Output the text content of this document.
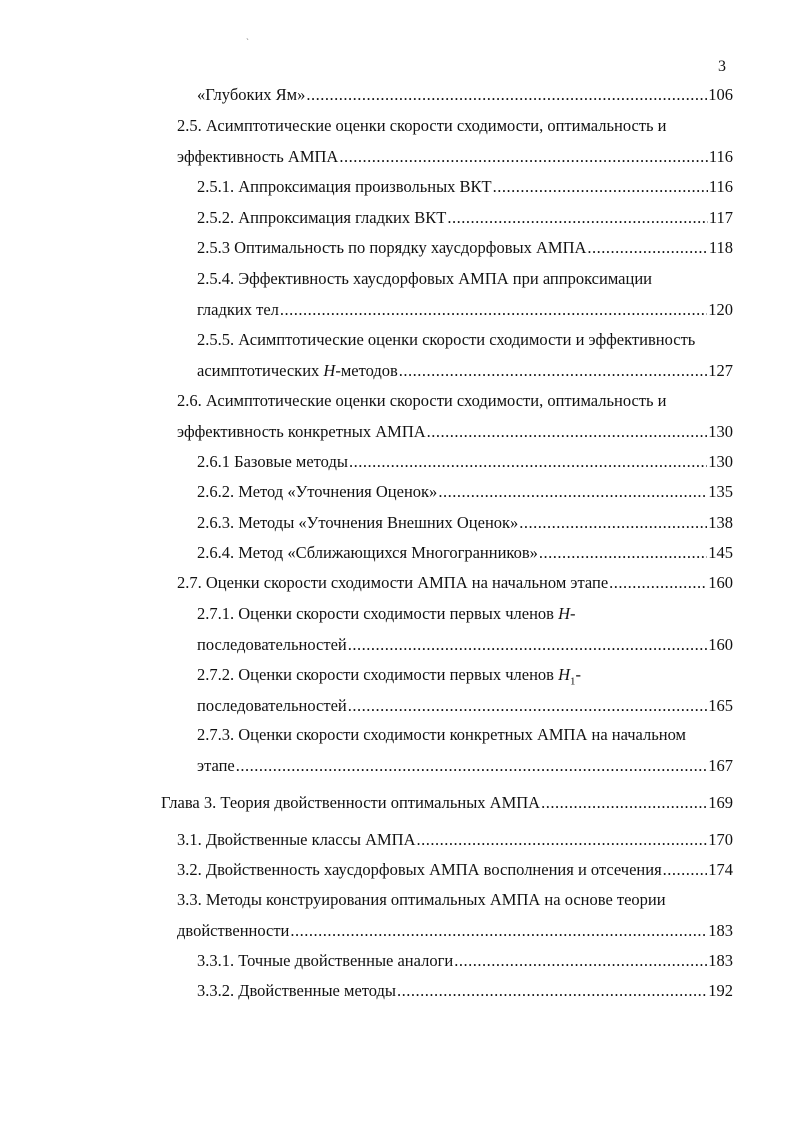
ˎ
3
«Глубоких Ям» .....	106
2.5. Асимптотические оценки скорости сходимости, оптимальность и
эффективность АМПА .....	116
2.5.1. Аппроксимация произвольных ВКТ .....	116
2.5.2. Аппроксимация гладких ВКТ .....	117
2.5.3 Оптимальность по порядку хаусдорфовых АМПА .....	118
2.5.4. Эффективность хаусдорфовых АМПА при аппроксимации
гладких тел .....	120
2.5.5. Асимптотические оценки скорости сходимости и эффективность
асимптотических H-методов .....	127
2.6. Асимптотические оценки скорости сходимости, оптимальность и
эффективность конкретных АМПА .....	130
2.6.1 Базовые методы .....	130
2.6.2. Метод «Уточнения Оценок» .....	135
2.6.3. Методы «Уточнения Внешних Оценок» .....	138
2.6.4. Метод «Сближающихся Многогранников» .....	145
2.7. Оценки скорости сходимости АМПА на начальном этапе .....	160
2.7.1. Оценки скорости сходимости первых членов H-
последовательностей .....	160
2.7.2. Оценки скорости сходимости первых членов $H_1-$
последовательностей .....	165
2.7.3. Оценки скорости сходимости конкретных АМПА на начальном
этапе .....	167
Глава 3. Теория двойственности оптимальных АМПА .....	169
3.1. Двойственные классы АМПА .....	170
3.2. Двойственность хаусдорфовых АМПА восполнения и отсечения .....	174
3.3. Методы конструирования оптимальных АМПА на основе теории
двойственности .....	183
3.3.1. Точные двойственные аналоги .....	183
3.3.2. Двойственные методы .....	192
